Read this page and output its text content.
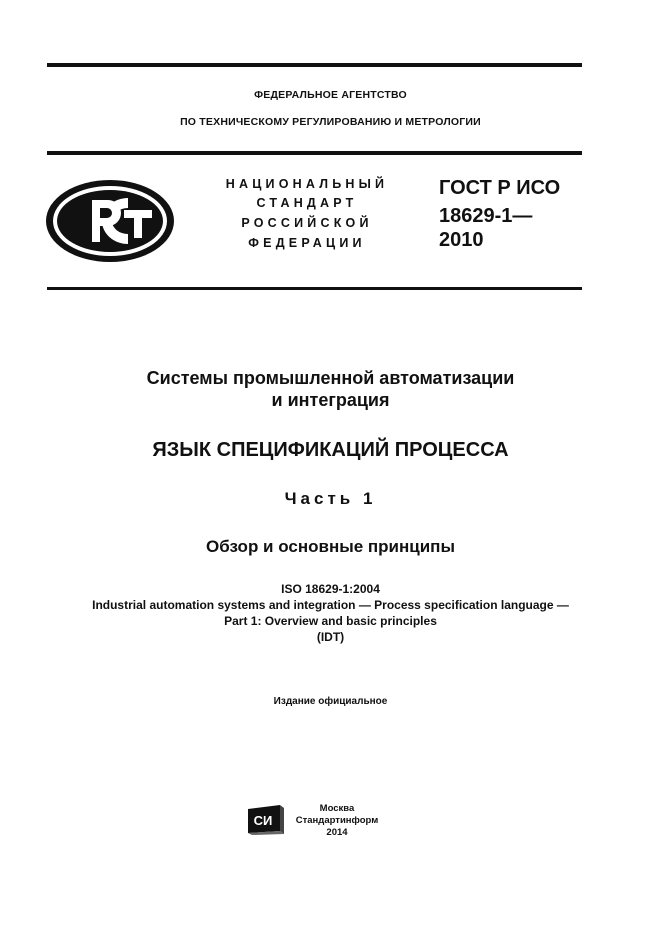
ФЕДЕРАЛЬНОЕ АГЕНТСТВО
ПО ТЕХНИЧЕСКОМУ РЕГУЛИРОВАНИЮ И МЕТРОЛОГИИ
НАЦИОНАЛЬНЫЙ
СТАНДАРТ
РОССИЙСКОЙ
ФЕДЕРАЦИИ
ГОСТ Р ИСО
18629-1—
2010
Системы промышленной автоматизации
и интеграция
ЯЗЫК СПЕЦИФИКАЦИЙ ПРОЦЕССА
Часть 1
Обзор и основные принципы
ISO 18629-1:2004
Industrial automation systems and integration — Process specification language —
Part 1: Overview and basic principles
(IDT)
Издание официальное
СИ
Москва
Стандартинформ
2014
